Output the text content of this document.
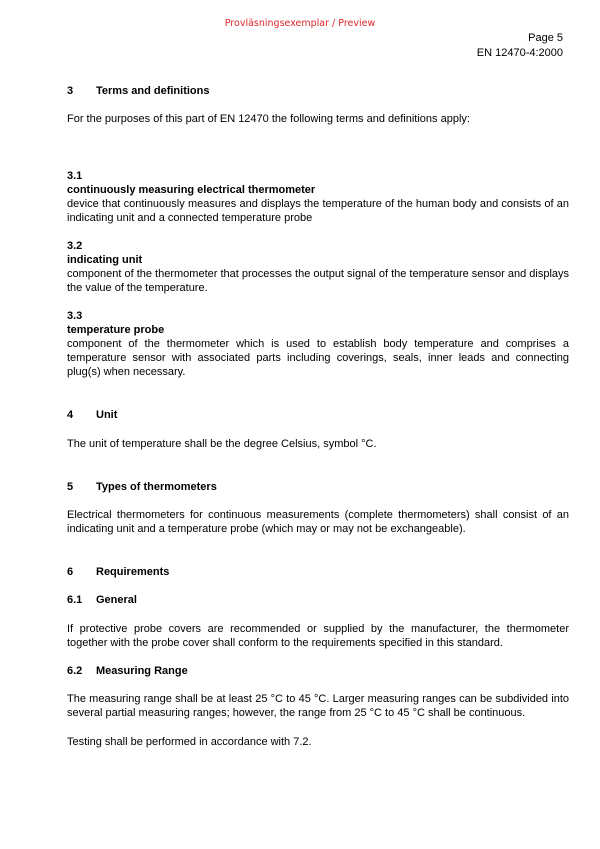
Provläsningsexemplar / Preview
Page 5
EN 12470-4:2000
3 Terms and definitions

For the purposes of this part of EN 12470 the following terms and definitions apply:

3.1
continuously measuring electrical thermometer

device that continuously measures and displays the temperature of the human body and consists of an indicating unit and a connected temperature probe

3.2
indicating unit

component of the thermometer that processes the output signal of the temperature sensor and displays the value of the temperature.

3.3
temperature probe

component of the thermometer which is used to establish body temperature and comprises a temperature sensor with associated parts including coverings, seals, inner leads and connecting plug(s) when necessary.

4 Unit

The unit of temperature shall be the degree Celsius, symbol °C.

5 Types of thermometers

Electrical thermometers for continuous measurements (complete thermometers) shall consist of an indicating unit and a temperature probe (which may or may not be exchangeable).

6 Requirements
6.1 General

If protective probe covers are recommended or supplied by the manufacturer, the thermometer together with the probe cover shall conform to the requirements specified in this standard.

6.2 Measuring Range

The measuring range shall be at least 25 °C to 45 °C. Larger measuring ranges can be subdivided into several partial measuring ranges; however, the range from 25 °C to 45 °C shall be continuous.

Testing shall be performed in accordance with 7.2.
